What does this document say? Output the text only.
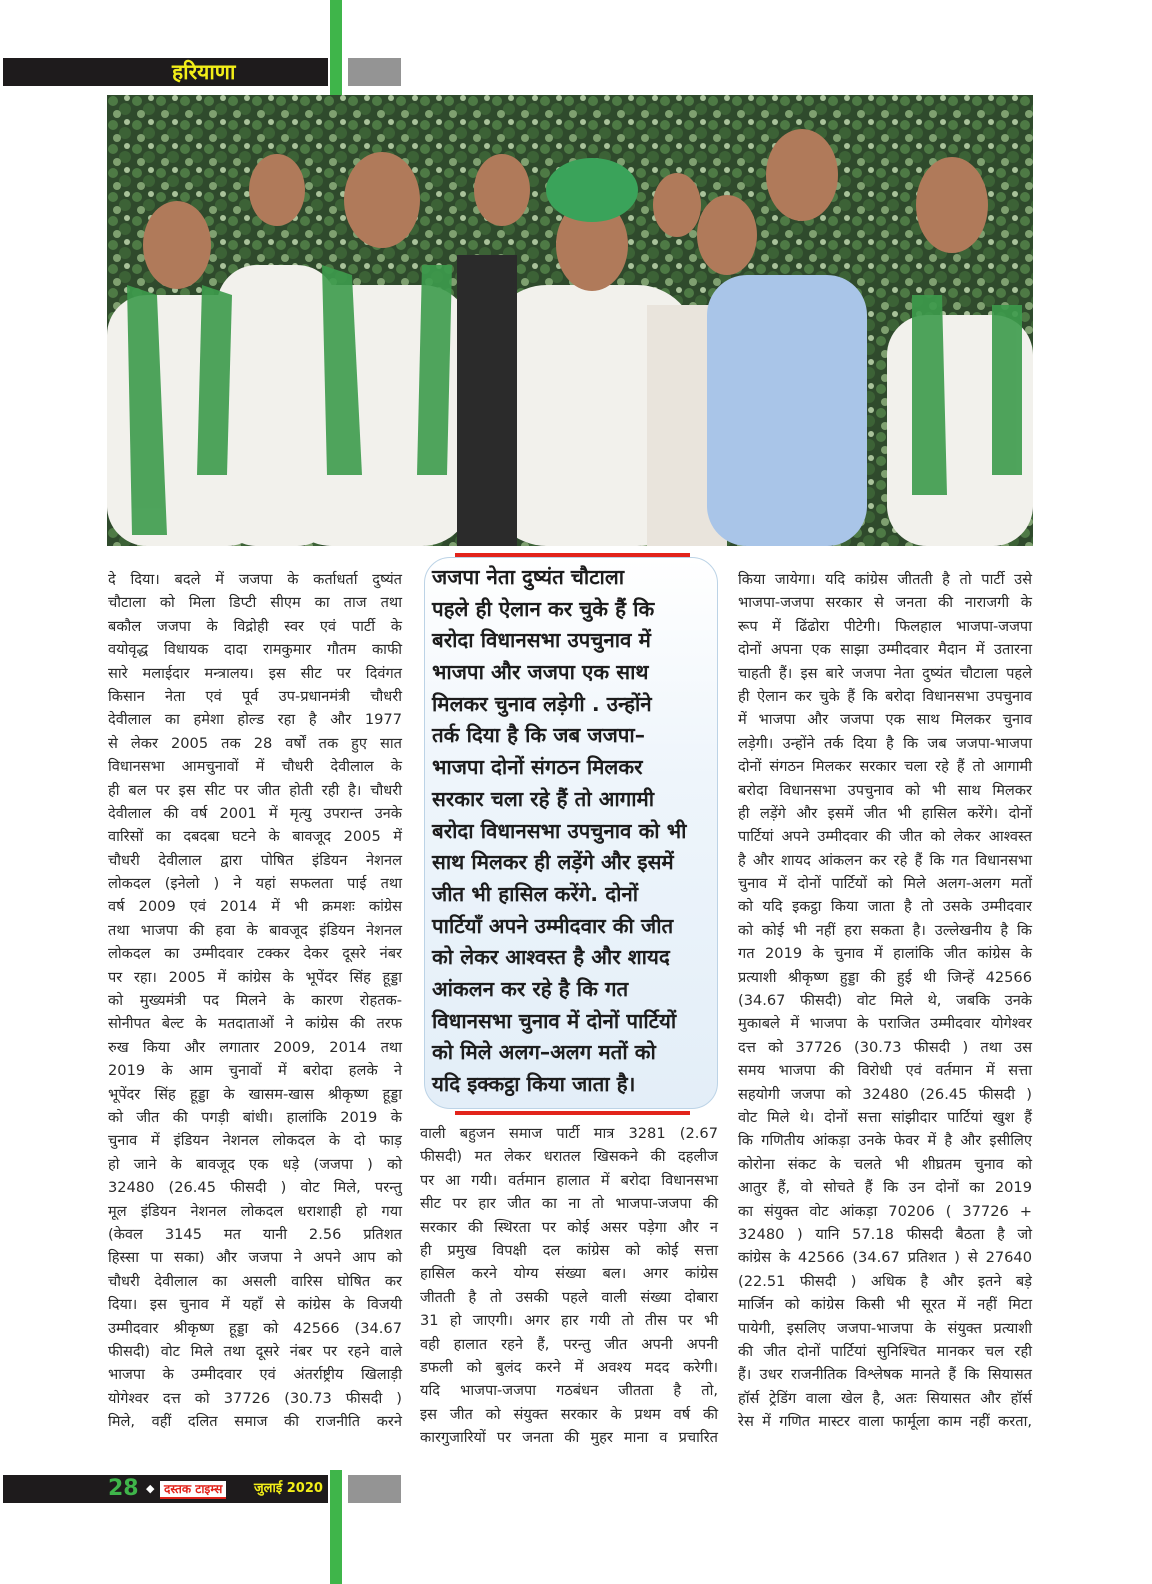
हरियाणा
दे दिया। बदले में जजपा के कर्ताधर्ता दुष्यंत
चौटाला को मिला डिप्टी सीएम का ताज तथा
बकौल जजपा के विद्रोही स्वर एवं पार्टी के
वयोवृद्ध विधायक दादा रामकुमार गौतम काफी
सारे मलाईदार मन्त्रालय। इस सीट पर दिवंगत
किसान नेता एवं पूर्व उप-प्रधानमंत्री चौधरी
देवीलाल का हमेशा होल्ड रहा है और 1977
से लेकर 2005 तक 28 वर्षों तक हुए सात
विधानसभा आमचुनावों में चौधरी देवीलाल के
ही बल पर इस सीट पर जीत होती रही है। चौधरी
देवीलाल की वर्ष 2001 में मृत्यु उपरान्त उनके
वारिसों का दबदबा घटने के बावजूद 2005 में
चौधरी देवीलाल द्वारा पोषित इंडियन नेशनल
लोकदल (इनेलो ) ने यहां सफलता पाई तथा
वर्ष 2009 एवं 2014 में भी क्रमशः कांग्रेस
तथा भाजपा की हवा के बावजूद इंडियन नेशनल
लोकदल का उम्मीदवार टक्कर देकर दूसरे नंबर
पर रहा। 2005 में कांग्रेस के भूपेंदर सिंह हूड्डा
को मुख्यमंत्री पद मिलने के कारण रोहतक-
सोनीपत बेल्ट के मतदाताओं ने कांग्रेस की तरफ
रुख किया और लगातार 2009, 2014 तथा
2019 के आम चुनावों में बरोदा हलके ने
भूपेंदर सिंह हूड्डा के खासम-खास श्रीकृष्ण हूड्डा
को जीत की पगड़ी बांधी। हालांकि 2019 के
चुनाव में इंडियन नेशनल लोकदल के दो फाड़
हो जाने के बावजूद एक धड़े (जजपा ) को
32480 (26.45 फीसदी ) वोट मिले, परन्तु
मूल इंडियन नेशनल लोकदल धराशाही हो गया
(केवल 3145 मत यानी 2.56 प्रतिशत
हिस्सा पा सका) और जजपा ने अपने आप को
चौधरी देवीलाल का असली वारिस घोषित कर
दिया। इस चुनाव में यहाँ से कांग्रेस के विजयी
उम्मीदवार श्रीकृष्ण हूड्डा को 42566 (34.67
फीसदी) वोट मिले तथा दूसरे नंबर पर रहने वाले
भाजपा के उम्मीदवार एवं अंतर्राष्ट्रीय खिलाड़ी
योगेश्वर दत्त को 37726 (30.73 फीसदी )
मिले, वहीं दलित समाज की राजनीति करने
जजपा नेता दुष्यंत चौटाला
पहले ही ऐलान कर चुके हैं कि
बरोदा विधानसभा उपचुनाव में
भाजपा और जजपा एक साथ
मिलकर चुनाव लड़ेगी . उन्होंने
तर्क दिया है कि जब जजपा–
भाजपा दोनों संगठन मिलकर
सरकार चला रहे हैं तो आगामी
बरोदा विधानसभा उपचुनाव को भी
साथ मिलकर ही लड़ेंगे और इसमें
जीत भी हासिल करेंगे. दोनों
पार्टियाँ अपने उम्मीदवार की जीत
को लेकर आश्वस्त है और शायद
आंकलन कर रहे है कि गत
विधानसभा चुनाव में दोनों पार्टियों
को मिले अलग–अलग मतों को
यदि इक्कट्ठा किया जाता है।
वाली बहुजन समाज पार्टी मात्र 3281 (2.67
फीसदी) मत लेकर धरातल खिसकने की दहलीज
पर आ गयी। वर्तमान हालात में बरोदा विधानसभा
सीट पर हार जीत का ना तो भाजपा-जजपा की
सरकार की स्थिरता पर कोई असर पड़ेगा और न
ही प्रमुख विपक्षी दल कांग्रेस को कोई सत्ता
हासिल करने योग्य संख्या बल। अगर कांग्रेस
जीतती है तो उसकी पहले वाली संख्या दोबारा
31 हो जाएगी। अगर हार गयी तो तीस पर भी
वही हालात रहने हैं, परन्तु जीत अपनी अपनी
डफली को बुलंद करने में अवश्य मदद करेगी।
यदि भाजपा-जजपा गठबंधन जीतता है तो,
इस जीत को संयुक्त सरकार के प्रथम वर्ष की
कारगुजारियों पर जनता की मुहर माना व प्रचारित
किया जायेगा। यदि कांग्रेस जीतती है तो पार्टी उसे
भाजपा-जजपा सरकार से जनता की नाराजगी के
रूप में ढिंढोरा पीटेगी। फिलहाल भाजपा-जजपा
दोनों अपना एक साझा उम्मीदवार मैदान में उतारना
चाहती हैं। इस बारे जजपा नेता दुष्यंत चौटाला पहले
ही ऐलान कर चुके हैं कि बरोदा विधानसभा उपचुनाव
में भाजपा और जजपा एक साथ मिलकर चुनाव
लड़ेगी। उन्होंने तर्क दिया है कि जब जजपा-भाजपा
दोनों संगठन मिलकर सरकार चला रहे हैं तो आगामी
बरोदा विधानसभा उपचुनाव को भी साथ मिलकर
ही लड़ेंगे और इसमें जीत भी हासिल करेंगे। दोनों
पार्टियां अपने उम्मीदवार की जीत को लेकर आश्वस्त
है और शायद आंकलन कर रहे हैं कि गत विधानसभा
चुनाव में दोनों पार्टियों को मिले अलग-अलग मतों
को यदि इकट्ठा किया जाता है तो उसके उम्मीदवार
को कोई भी नहीं हरा सकता है। उल्लेखनीय है कि
गत 2019 के चुनाव में हालांकि जीत कांग्रेस के
प्रत्याशी श्रीकृष्ण हुड्डा की हुई थी जिन्हें 42566
(34.67 फीसदी) वोट मिले थे, जबकि उनके
मुकाबले में भाजपा के पराजित उम्मीदवार योगेश्वर
दत्त को 37726 (30.73 फीसदी ) तथा उस
समय भाजपा की विरोधी एवं वर्तमान में सत्ता
सहयोगी जजपा को 32480 (26.45 फीसदी )
वोट मिले थे। दोनों सत्ता सांझीदार पार्टियां खुश हैं
कि गणितीय आंकड़ा उनके फेवर में है और इसीलिए
कोरोना संकट के चलते भी शीघ्रतम चुनाव को
आतुर हैं, वो सोचते हैं कि उन दोनों का 2019
का संयुक्त वोट आंकड़ा 70206 ( 37726 +
32480 ) यानि 57.18 फीसदी बैठता है जो
कांग्रेस के 42566 (34.67 प्रतिशत ) से 27640
(22.51 फीसदी ) अधिक है और इतने बड़े
मार्जिन को कांग्रेस किसी भी सूरत में नहीं मिटा
पायेगी, इसलिए जजपा-भाजपा के संयुक्त प्रत्याशी
की जीत दोनों पार्टियां सुनिश्चित मानकर चल रही
हैं। उधर राजनीतिक विश्लेषक मानते हैं कि सियासत
हॉर्स ट्रेडिंग वाला खेल है, अतः सियासत और हॉर्स
रेस में गणित मास्टर वाला फार्मूला काम नहीं करता,
28 ◆ दस्तक टाइम्स	जुलाई 2020
